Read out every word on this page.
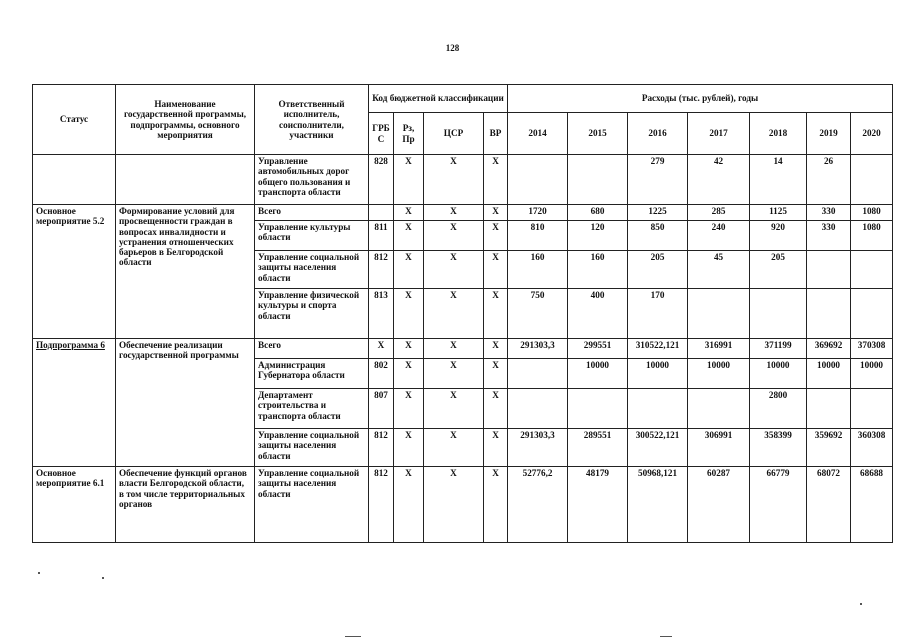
128
Статус	Наименование государственной программы, подпрограммы, основного мероприятия	Ответственный исполнитель, соисполнители, участники	Код бюджетной классификации				Расходы (тыс. рублей), годы						
			ГРБ С	Рз, Пр	ЦСР	ВР	2014	2015	2016	2017	2018	2019	2020
		Управление автомобильных дорог общего пользования и транспорта области	828	X	X	X			279	42	14	26	
Основное мероприятие 5.2	Формирование условий для просвещенности граждан в вопросах инвалидности и устранения отношенческих барьеров в Белгородской области	Всего		X	X	X	1720	680	1225	285	1125	330	1080
		Управление культуры области	811	X	X	X	810	120	850	240	920	330	1080
		Управление социальной защиты населения области	812	X	X	X	160	160	205	45	205		
		Управление физической культуры и спорта области	813	X	X	X	750	400	170				
Подпрограмма 6	Обеспечение реализации государственной программы	Всего	X	X	X	X	291303,3	299551	310522,121	316991	371199	369692	370308
		Администрация Губернатора области	802	X	X	X		10000	10000	10000	10000	10000	10000
		Департамент строительства и транспорта области	807	X	X	X					2800		
		Управление социальной защиты населения области	812	X	X	X	291303,3	289551	300522,121	306991	358399	359692	360308
Основное мероприятие 6.1	Обеспечение функций органов власти Белгородской области, в том числе территориальных органов	Управление социальной защиты населения области	812	X	X	X	52776,2	48179	50968,121	60287	66779	68072	68688
